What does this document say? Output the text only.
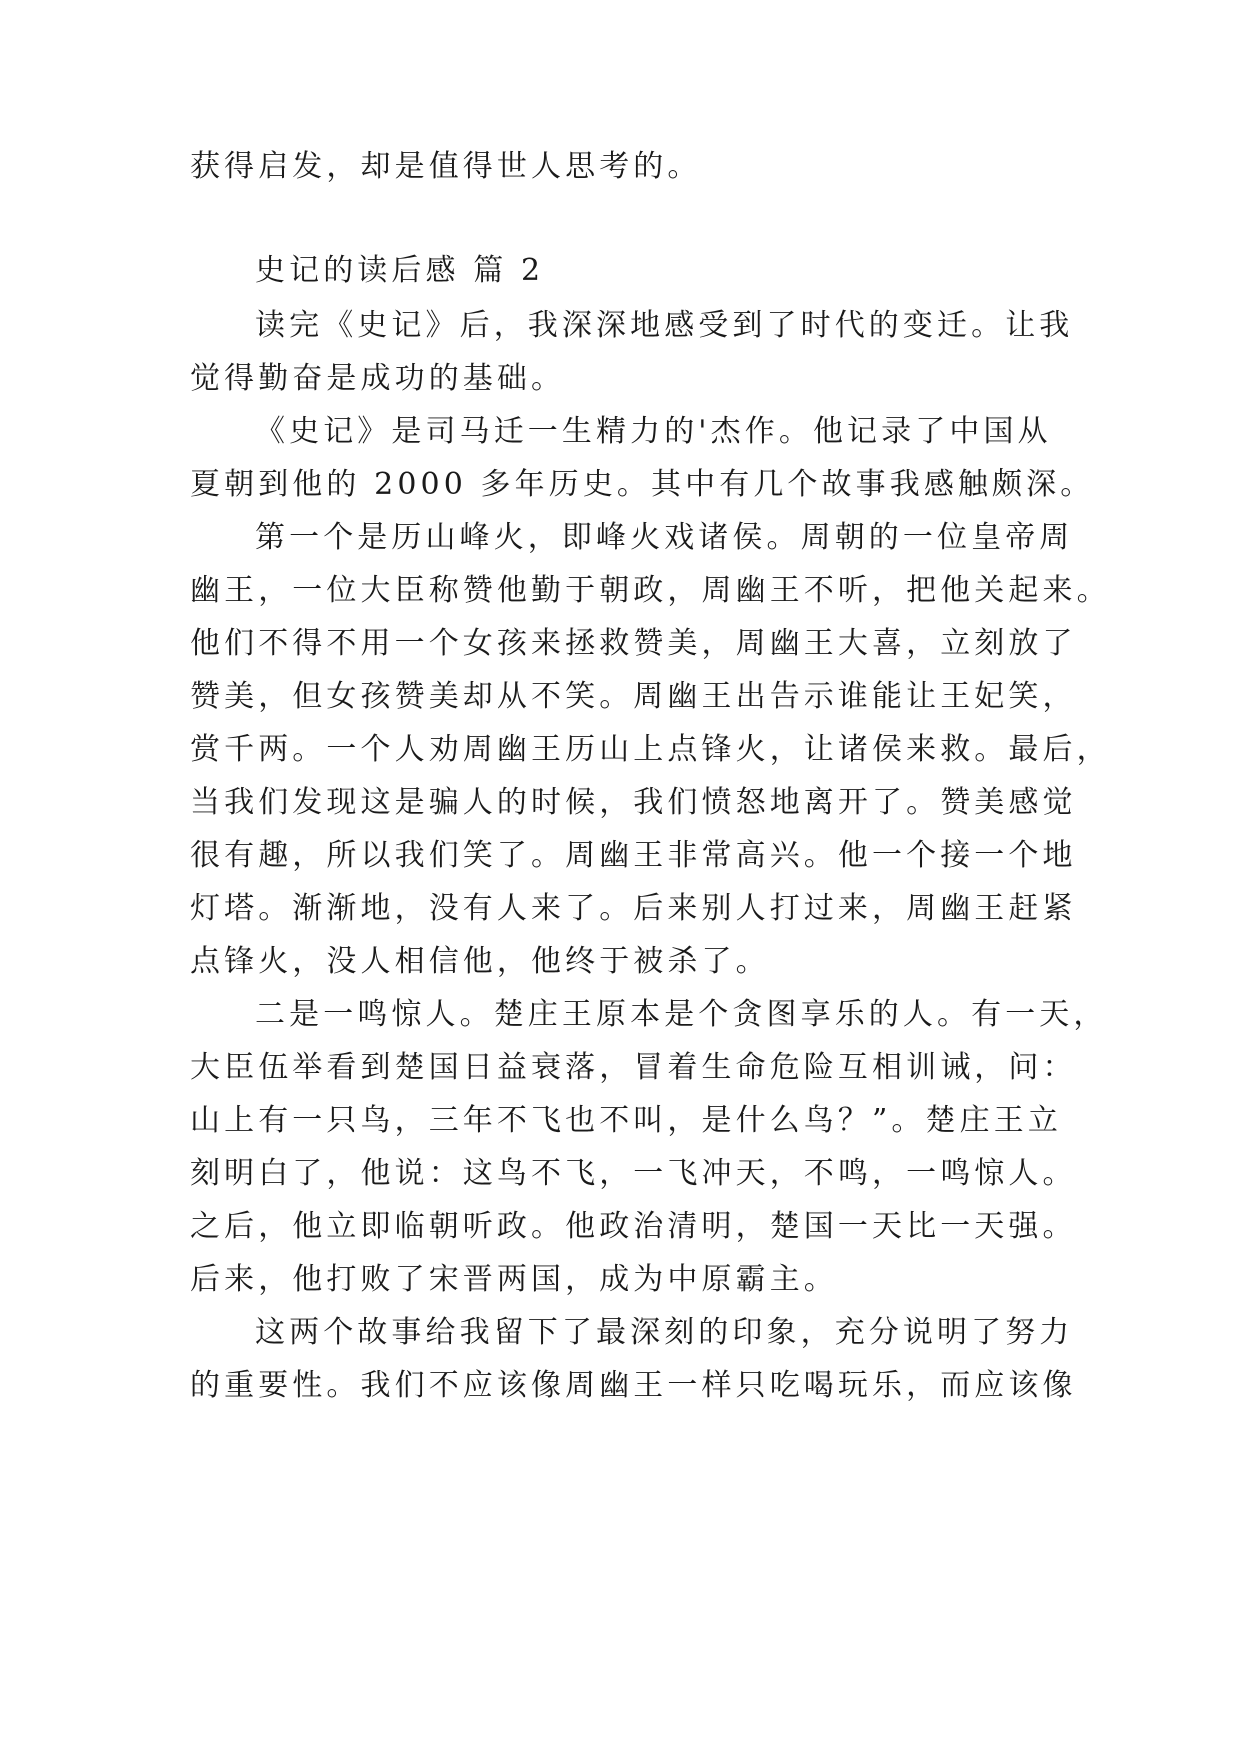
获得启发，却是值得世人思考的。
史记的读后感 篇 2
读完《史记》后，我深深地感受到了时代的变迁。让我
觉得勤奋是成功的基础。
《史记》是司马迁一生精力的'杰作。他记录了中国从
夏朝到他的 2000 多年历史。其中有几个故事我感触颇深。
第一个是历山峰火，即峰火戏诸侯。周朝的一位皇帝周
幽王，一位大臣称赞他勤于朝政，周幽王不听，把他关起来。
他们不得不用一个女孩来拯救赞美，周幽王大喜，立刻放了
赞美，但女孩赞美却从不笑。周幽王出告示谁能让王妃笑，
赏千两。一个人劝周幽王历山上点锋火，让诸侯来救。最后，
当我们发现这是骗人的时候，我们愤怒地离开了。赞美感觉
很有趣，所以我们笑了。周幽王非常高兴。他一个接一个地
灯塔。渐渐地，没有人来了。后来别人打过来，周幽王赶紧
点锋火，没人相信他，他终于被杀了。
二是一鸣惊人。楚庄王原本是个贪图享乐的人。有一天，
大臣伍举看到楚国日益衰落，冒着生命危险互相训诫，问：
山上有一只鸟，三年不飞也不叫，是什么鸟？”。楚庄王立
刻明白了，他说：这鸟不飞，一飞冲天，不鸣，一鸣惊人。
之后，他立即临朝听政。他政治清明，楚国一天比一天强。
后来，他打败了宋晋两国，成为中原霸主。
这两个故事给我留下了最深刻的印象，充分说明了努力
的重要性。我们不应该像周幽王一样只吃喝玩乐，而应该像
